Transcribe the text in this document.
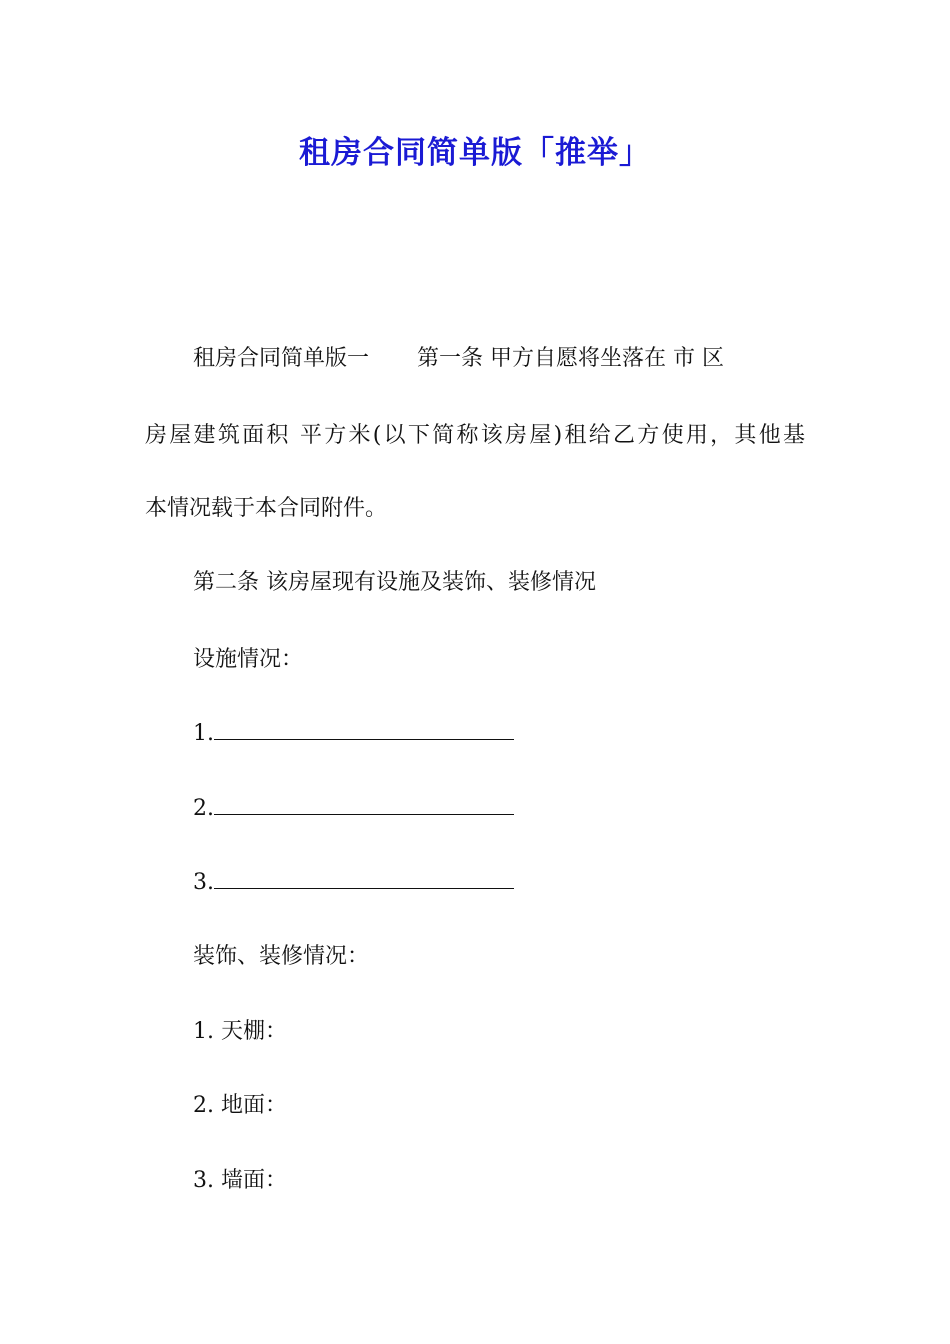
租房合同简单版「推举」

租房合同简单版一 第一条 甲方自愿将坐落在 市 区

房屋建筑面积 平方米(以下简称该房屋)租给乙方使用，其他基

本情况载于本合同附件。

第二条 该房屋现有设施及装饰、装修情况

设施情况：

1.

2.

3.

装饰、装修情况：

1. 天棚：

2. 地面：

3. 墙面：
